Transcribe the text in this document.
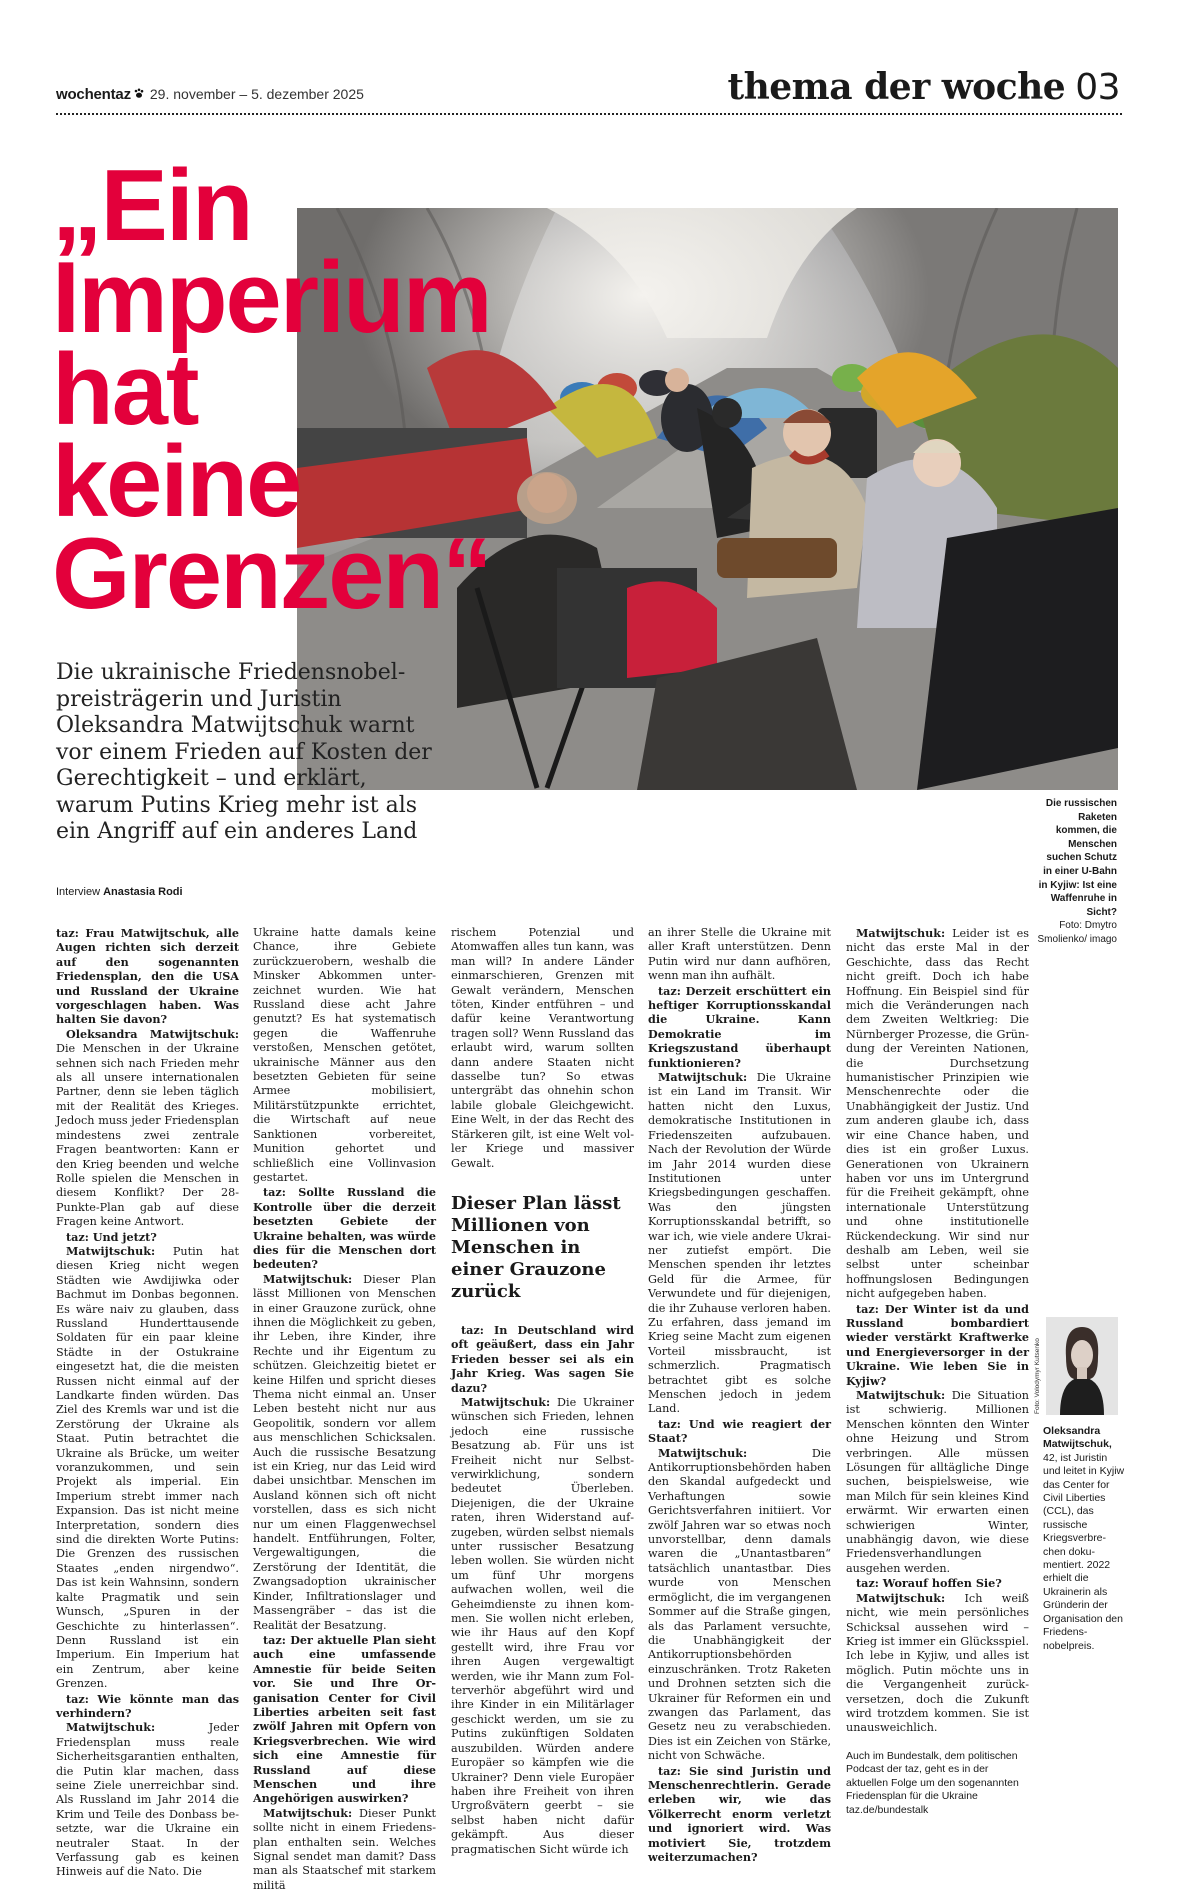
wochentaz 29. november – 5. dezember 2025	thema der woche 03
„Ein
Imperium
hat
keine
Grenzen“
Die ukrainische Friedensnobelpreisträgerin und Juristin Oleksandra Matwijtschuk warnt vor einem Frieden auf Kosten der Gerechtigkeit – und erklärt, warum Putins Krieg mehr ist als ein Angriff auf ein anderes Land
Interview Anastasia Rodi
Die russischen Raketen kommen, die Menschen suchen Schutz in einer U-Bahn in Kyjiw: Ist eine Waffenruhe in Sicht?
Foto: Dmytro Smolienko/ imago

taz: Frau Matwijtschuk, alle Augen richten sich derzeit auf den sogenannten Friedensplan, den die USA und Russland der Ukraine vorgeschlagen haben. Was halten Sie davon?

Oleksandra Matwijtschuk: Die Menschen in der Ukraine sehnen sich nach Frieden mehr als all unsere internationalen Partner, denn sie leben täglich mit der Realität des Krieges. Jedoch muss jeder Friedensplan mindestens zwei zentrale Fragen beantworten: Kann er den Krieg beenden und welche Rolle spielen die Menschen in diesem Konflikt? Der 28-Punkte-Plan gab auf diese Fragen keine Antwort.

taz: Und jetzt?

Matwijtschuk: Putin hat diesen Krieg nicht wegen Städten wie Awdijiwka oder Bachmut im Donbas begonnen. Es wäre naiv zu glauben, dass Russland Hunderttausende Soldaten für ein paar kleine Städte in der Ostukraine eingesetzt hat, die die meisten Russen nicht einmal auf der Landkarte finden würden. Das Ziel des Kremls war und ist die Zerstörung der Ukraine als Staat. Putin betrachtet die Ukraine als Brücke, um weiter voranzukommen, und sein Projekt als imperial. Ein Imperium strebt immer nach Expansion. Das ist nicht meine Interpretation, sondern dies sind die direkten Worte Putins: Die Grenzen des russischen Staates „enden nirgendwo“. Das ist kein Wahnsinn, sondern kalte Pragmatik und sein Wunsch, „Spuren in der Geschichte zu hinterlassen“. Denn Russland ist ein Imperium. Ein Imperium hat ein Zentrum, aber keine Grenzen.

taz: Wie könnte man das verhindern?

Matwijtschuk:	Jeder Friedensplan muss reale Sicherheitsgarantien enthalten, die Putin klar machen, dass seine Ziele unerreichbar sind. Als Russland im Jahr 2014 die Krim und Teile des Donbass besetzte, war die Ukraine ein neutraler Staat. In der Verfassung gab es keinen Hinweis auf die Nato. Die

Ukraine hatte damals keine Chance, ihre Gebiete zurückzuerobern, weshalb die Minsker Abkommen unterzeichnet wurden. Wie hat Russland diese acht Jahre genutzt? Es hat systematisch gegen die Waffenruhe verstoßen, Menschen getötet, ukrainische Männer aus den besetzten Gebieten für seine Armee mobilisiert, Militärstützpunkte errichtet, die Wirtschaft auf neue Sanktionen vorbereitet, Munition gehortet und schließlich eine Vollinvasion gestartet.

taz: Sollte Russland die Kontrolle über die derzeit besetzten Gebiete der Ukraine behalten, was würde dies für die Menschen dort bedeuten?

Matwijtschuk: Dieser Plan lässt Millionen von Menschen in einer Grauzone zurück, ohne ihnen die Möglichkeit zu geben, ihr Leben, ihre Kinder, ihre Rechte und ihr Eigentum zu schützen. Gleichzeitig bietet er keine Hilfen und spricht dieses Thema nicht einmal an. Unser Leben besteht nicht nur aus Geopolitik, sondern vor allem aus menschlichen Schicksalen. Auch die russische Besatzung ist ein Krieg, nur das Leid wird dabei unsichtbar. Menschen im Ausland können sich oft nicht vorstellen, dass es sich nicht nur um einen Flaggenwechsel handelt. Entführungen, Folter, Vergewaltigungen, die Zerstörung der Identität, die Zwangsadoption ukrainischer Kinder, Infiltrationslager und Massengräber – das ist die Realität der Besatzung.

taz: Der aktuelle Plan sieht auch eine umfassende Amnestie für beide Seiten vor. Sie und Ihre Organisation Center for Civil Liberties arbeiten seit fast zwölf Jahren mit Opfern von Kriegsverbrechen. Wie wird sich eine Amnestie für Russland auf diese Menschen und ihre Angehörigen auswirken?

Matwijtschuk: Dieser Punkt sollte nicht in einem Friedensplan enthalten sein. Welches Signal sendet man damit? Dass man als Staatschef mit starkem militä

rischem Potenzial und Atomwaffen alles tun kann, was man will? In andere Länder einmarschieren, Grenzen mit Gewalt verändern, Menschen töten, Kinder entführen – und dafür keine Verantwortung tragen soll? Wenn Russland das erlaubt wird, warum sollten dann andere Staaten nicht dasselbe tun? So etwas untergräbt das ohnehin schon labile globale Gleichgewicht. Eine Welt, in der das Recht des Stärkeren gilt, ist eine Welt voller Kriege und massiver Gewalt.

Dieser Plan lässt Millionen von Menschen in einer Grauzone zurück

taz: In Deutschland wird oft geäußert, dass ein Jahr Frieden besser sei als ein Jahr Krieg. Was sagen Sie dazu?

Matwijtschuk: Die Ukrainer wünschen sich Frieden, lehnen jedoch eine russische Besatzung ab. Für uns ist Freiheit nicht nur Selbstverwirklichung, sondern bedeutet Überleben. Diejenigen, die der Ukraine raten, ihren Widerstand aufzugeben, würden selbst niemals unter russischer Besatzung leben wollen. Sie würden nicht um fünf Uhr morgens aufwachen wollen, weil die Geheimdienste zu ihnen kommen. Sie wollen nicht erleben, wie ihr Haus auf den Kopf gestellt wird, ihre Frau vor ihren Augen vergewaltigt werden, wie ihr Mann zum Folterverhör abgeführt wird und ihre Kinder in ein Militärlager geschickt werden, um sie zu Putins zukünftigen Soldaten auszubilden. Würden andere Europäer so kämpfen wie die Ukrainer? Denn viele Europäer haben ihre Freiheit von ihren Urgroßvätern geerbt – sie selbst haben nicht dafür gekämpft. Aus dieser pragmatischen Sicht würde ich

an ihrer Stelle die Ukraine mit aller Kraft unterstützen. Denn Putin wird nur dann aufhören, wenn man ihn aufhält.

taz: Derzeit erschüttert ein heftiger Korruptionsskandal die Ukraine. Kann Demokratie im Kriegszustand überhaupt funktionieren?

Matwijtschuk: Die Ukraine ist ein Land im Transit. Wir hatten nicht den Luxus, demokratische Institutionen in Friedenszeiten aufzubauen. Nach der Revolution der Würde im Jahr 2014 wurden diese Institutionen unter Kriegsbedingungen geschaffen. Was den jüngsten Korruptionsskandal betrifft, so war ich, wie viele andere Ukrainer zutiefst empört. Die Menschen spenden ihr letztes Geld für die Armee, für Verwundete und für diejenigen, die ihr Zuhause verloren haben. Zu erfahren, dass jemand im Krieg seine Macht zum eigenen Vorteil missbraucht, ist schmerzlich. Pragmatisch betrachtet gibt es solche Menschen jedoch in jedem Land.

taz: Und wie reagiert der Staat?

Matwijtschuk:	Die Antikorruptionsbehörden haben den Skandal aufgedeckt und Verhaftungen sowie Gerichtsverfahren initiiert. Vor zwölf Jahren war so etwas noch unvorstellbar, denn damals waren die „Unantastbaren“ tatsächlich unantastbar. Dies wurde von Menschen ermöglicht, die im vergangenen Sommer auf die Straße gingen, als das Parlament versuchte, die Unabhängigkeit der Antikorruptionsbehörden einzuschränken. Trotz Raketen und Drohnen setzten sich die Ukrainer für Reformen ein und zwangen das Parlament, das Gesetz neu zu verabschieden. Dies ist ein Zeichen von Stärke, nicht von Schwäche.

taz: Sie sind Juristin und Menschenrechtlerin. Gerade erleben wir, wie das Völkerrecht enorm verletzt und ignoriert wird. Was motiviert Sie, trotzdem weiterzumachen?

Matwijtschuk: Leider ist es nicht das erste Mal in der Geschichte, dass das Recht nicht greift. Doch ich habe Hoffnung. Ein Beispiel sind für mich die Veränderungen nach dem Zweiten Weltkrieg: Die Nürnberger Prozesse, die Gründung der Vereinten Nationen, die Durchsetzung humanistischer Prinzipien wie Menschenrechte oder die Unabhängigkeit der Justiz. Und zum anderen glaube ich, dass wir eine Chance haben, und dies ist ein großer Luxus. Generationen von Ukrainern haben vor uns im Untergrund für die Freiheit gekämpft, ohne internationale Unterstützung und ohne institutionelle Rückendeckung. Wir sind nur deshalb am Leben, weil sie selbst unter scheinbar hoffnungslosen Bedingungen nicht aufgegeben haben.

taz: Der Winter ist da und Russland bombardiert wieder verstärkt Kraftwerke und Energieversorger in der Ukraine. Wie leben Sie in Kyjiw?

Matwijtschuk: Die Situation ist schwierig. Millionen Menschen könnten den Winter ohne Heizung und Strom verbringen. Alle müssen Lösungen für alltägliche Dinge suchen, beispielsweise, wie man Milch für sein kleines Kind erwärmt. Wir erwarten einen schwierigen Winter, unabhängig davon, wie diese Friedensverhandlungen ausgehen werden.

taz: Worauf hoffen Sie?

Matwijtschuk: Ich weiß nicht, wie mein persönliches Schicksal aussehen wird – Krieg ist immer ein Glücksspiel. Ich lebe in Kyjiw, und alles ist möglich. Putin möchte uns in die Vergangenheit zurückversetzen, doch die Zukunft wird trotzdem kommen. Sie ist unausweichlich.

Auch im Bundestalk, dem politischen Podcast der taz, geht es in der aktuellen Folge um den sogenannten Friedensplan für die Ukraine taz.de/bundestalk
Foto: Volodymyr Kutsenko
Oleksandra Matwijtschuk, 42, ist Juristin und leitet in Kyjiw das Center for Civil Liberties (CCL), das russische Kriegsverbrechen dokumentiert. 2022 erhielt die Ukrainerin als Gründerin der Organisation den Friedensnobelpreis.
